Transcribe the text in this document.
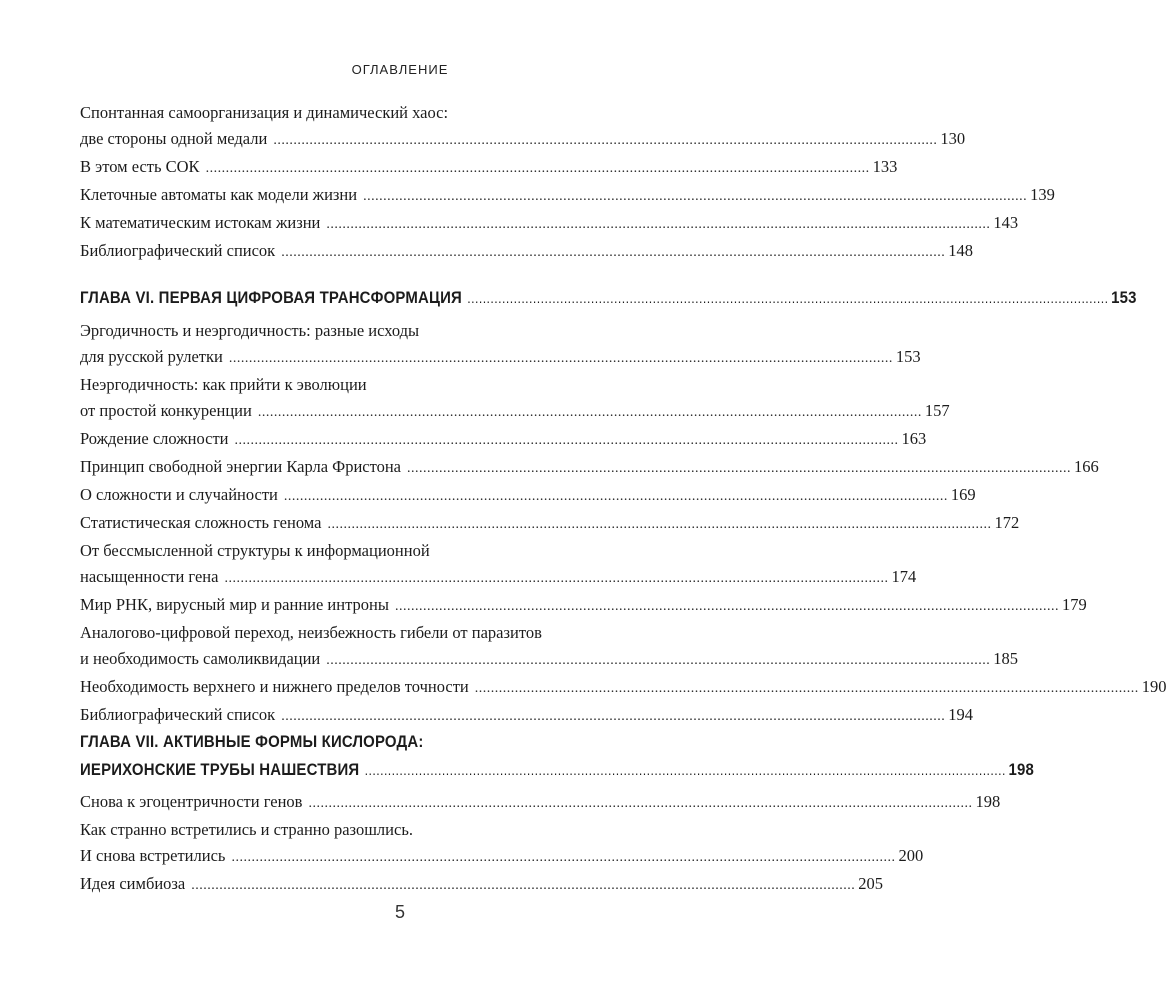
ОГЛАВЛЕНИЕ
Спонтанная самоорганизация и динамический хаос:
две стороны одной медали ...................................................................................................................................................................... 130
В этом есть СОК ...................................................................................................................................................................... 133
Клеточные автоматы как модели жизни ...................................................................................................................................................................... 139
К математическим истокам жизни ...................................................................................................................................................................... 143
Библиографический список ...................................................................................................................................................................... 148
ГЛАВА VI. ПЕРВАЯ ЦИФРОВАЯ ТРАНСФОРМАЦИЯ ...................................................................................................................................................................... 153
Эргодичность и неэргодичность: разные исходы
для русской рулетки ...................................................................................................................................................................... 153
Неэргодичность: как прийти к эволюции
от простой конкуренции ...................................................................................................................................................................... 157
Рождение сложности ...................................................................................................................................................................... 163
Принцип свободной энергии Карла Фристона ...................................................................................................................................................................... 166
О сложности и случайности ...................................................................................................................................................................... 169
Статистическая сложность генома ...................................................................................................................................................................... 172
От бессмысленной структуры к информационной
насыщенности гена ...................................................................................................................................................................... 174
Мир РНК, вирусный мир и ранние интроны ...................................................................................................................................................................... 179
Аналогово-цифровой переход, неизбежность гибели от паразитов
и необходимость самоликвидации ...................................................................................................................................................................... 185
Необходимость верхнего и нижнего пределов точности ...................................................................................................................................................................... 190
Библиографический список ...................................................................................................................................................................... 194
ГЛАВА VII. АКТИВНЫЕ ФОРМЫ КИСЛОРОДА:
ИЕРИХОНСКИЕ ТРУБЫ НАШЕСТВИЯ ...................................................................................................................................................................... 198
Снова к эгоцентричности генов ...................................................................................................................................................................... 198
Как странно встретились и странно разошлись.
И снова встретились ...................................................................................................................................................................... 200
Идея симбиоза ...................................................................................................................................................................... 205
5
